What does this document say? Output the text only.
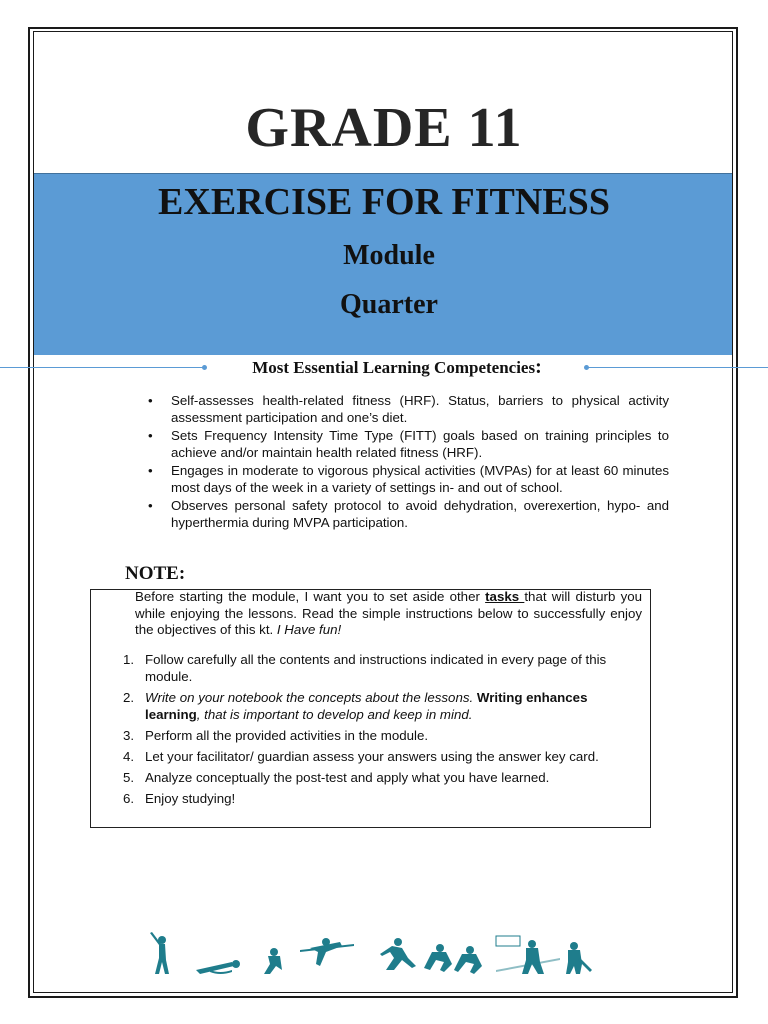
GRADE 11
EXERCISE FOR FITNESS
Module
Quarter
Most Essential Learning Competencies:
• Self-assesses health-related fitness (HRF). Status, barriers to physical activity assessment participation and one’s diet.
• Sets Frequency Intensity Time Type (FITT) goals based on training principles to achieve and/or maintain health related fitness (HRF).
• Engages in moderate to vigorous physical activities (MVPAs) for at least 60 minutes most days of the week in a variety of settings in- and out of school.
• Observes personal safety protocol to avoid dehydration, overexertion, hypo- and hyperthermia during MVPA participation.
NOTE:
Before starting the module, I want you to set aside other tasks that will disturb you while enjoying the lessons. Read the simple instructions below to successfully enjoy the objectives of this kt. I Have fun!
1. Follow carefully all the contents and instructions indicated in every page of this module.
2. Write on your notebook the concepts about the lessons. Writing enhances learning, that is important to develop and keep in mind.
3. Perform all the provided activities in the module.
4. Let your facilitator/ guardian assess your answers using the answer key card.
5. Analyze conceptually the post-test and apply what you have learned.
6. Enjoy studying!
